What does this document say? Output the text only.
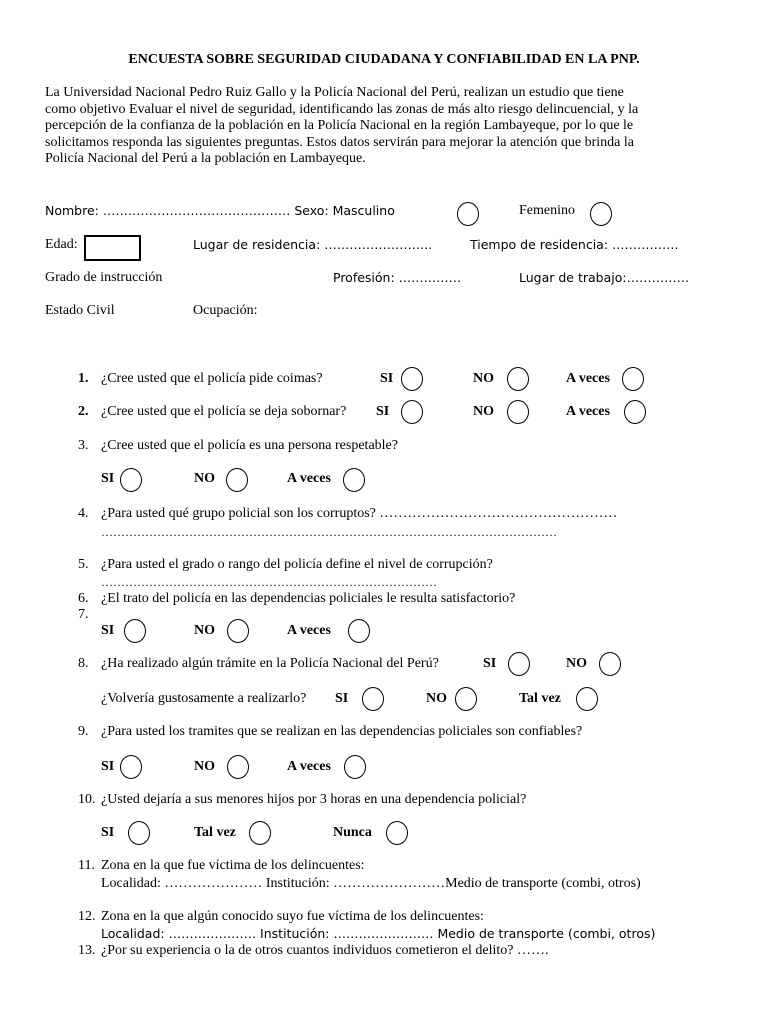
ENCUESTA SOBRE SEGURIDAD CIUDADANA Y CONFIABILIDAD EN LA PNP.
La Universidad Nacional Pedro Ruiz Gallo y la Policía Nacional del Perú, realizan un estudio que tiene
como objetivo Evaluar el nivel de seguridad, identificando las zonas de más alto riesgo delincuencial, y la
percepción de la confianza de la población en la Policía Nacional en la región Lambayeque, por lo que le
solicitamos responda las siguientes preguntas. Estos datos servirán para mejorar la atención que brinda la
Policía Nacional del Perú a la población en Lambayeque.
Nombre: ……………………………………… Sexo: Masculino	Femenino
Edad:	Lugar de residencia: ……………………..	Tiempo de residencia: …………….
Grado de instrucción	Profesión: ……………	Lugar de trabajo:……………
Estado Civil	Ocupación:
1. ¿Cree usted que el policía pide coimas?	SI	NO	A veces
2. ¿Cree usted que el policía se deja sobornar? SI	NO	A veces
3. ¿Cree usted que el policía es una persona respetable?
SI	NO	A veces
4. ¿Para usted qué grupo policial son los corruptos? ……………………………………………
……………………………………………………………………………………………………
5. ¿Para usted el grado o rango del policía define el nivel de corrupción?
…………………………………………………………………………
6. ¿El trato del policía en las dependencias policiales le resulta satisfactorio?
7.
SI	NO	A veces
8. ¿Ha realizado algún trámite en la Policía Nacional del Perú?	SI	NO
¿Volvería gustosamente a realizarlo? SI	NO	Tal vez
9. ¿Para usted los tramites que se realizan en las dependencias policiales son confiables?
SI	NO	A veces
10. ¿Usted dejaría a sus menores hijos por 3 horas en una dependencia policial?
SI	Tal vez	Nunca
11. Zona en la que fue víctima de los delincuentes:
Localidad: ………………… Institución: ……………………Medio de transporte (combi, otros)
12. Zona en la que algún conocido suyo fue víctima de los delincuentes:
Localidad: ………………… Institución: …………………… Medio de transporte (combi, otros)
13. ¿Por su experiencia o la de otros cuantos individuos cometieron el delito? …….
